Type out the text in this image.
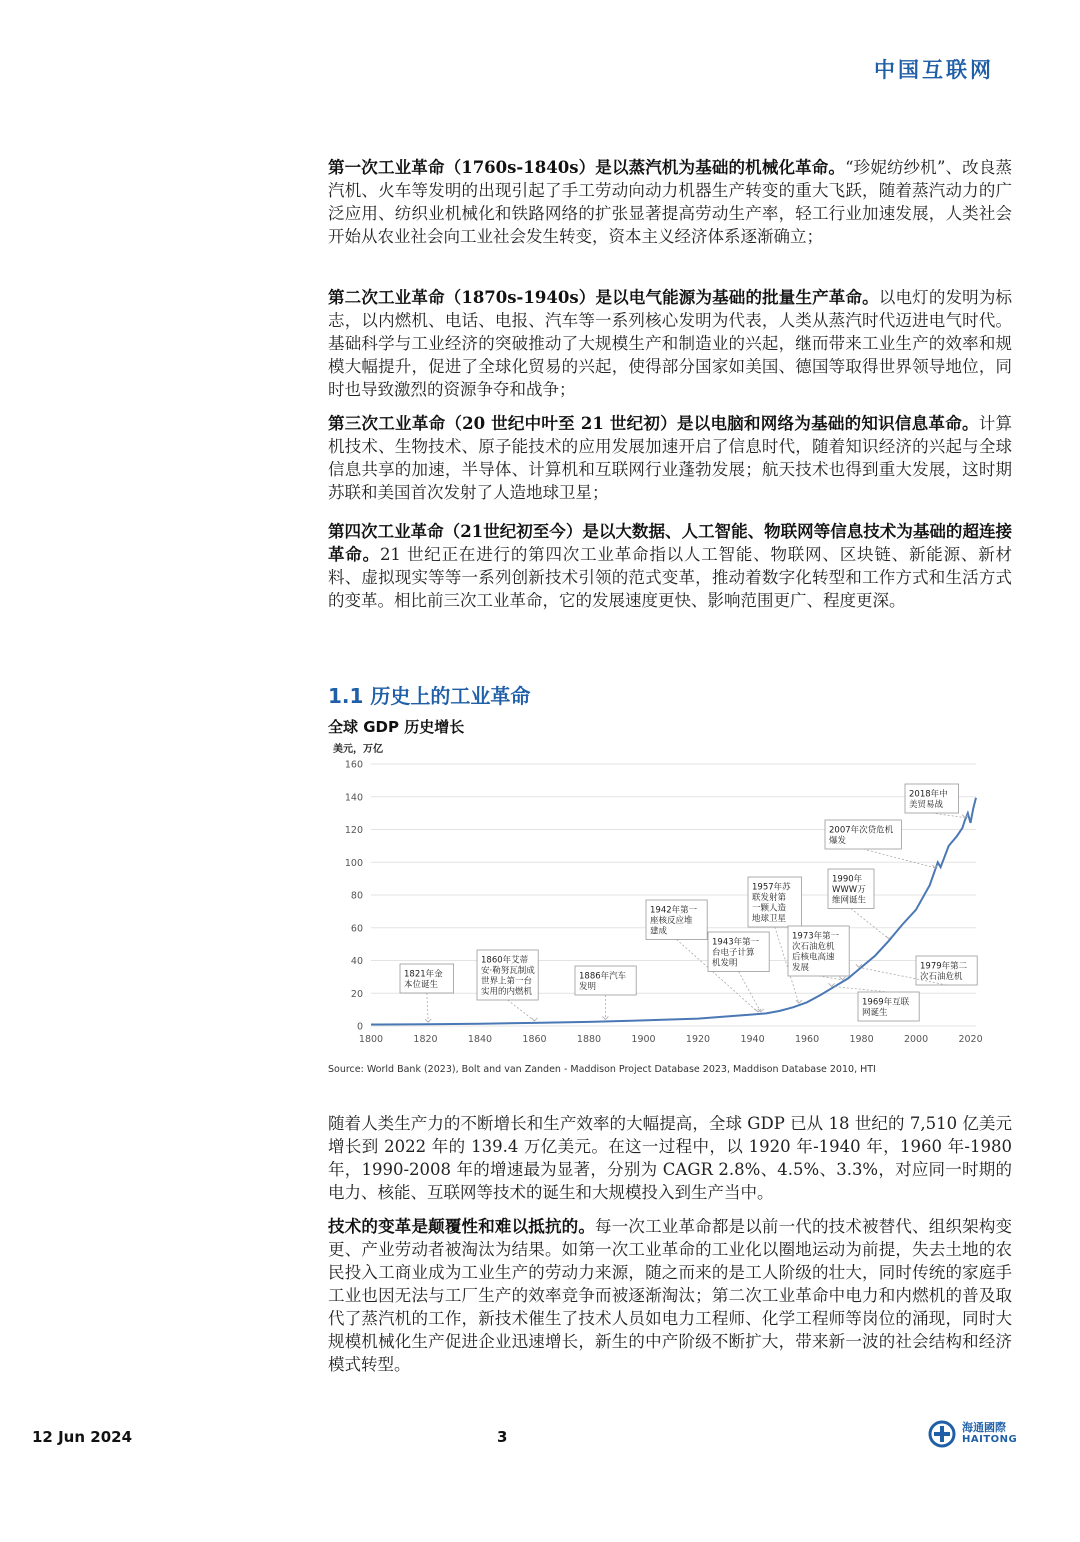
中国互联网
第一次工业革命（1760s-1840s）是以蒸汽机为基础的机械化革命。“珍妮纺纱机”、改良蒸汽机、火车等发明的出现引起了手工劳动向动力机器生产转变的重大飞跃，随着蒸汽动力的广泛应用、纺织业机械化和铁路网络的扩张显著提高劳动生产率，轻工行业加速发展，人类社会开始从农业社会向工业社会发生转变，资本主义经济体系逐渐确立；
第二次工业革命（1870s-1940s）是以电气能源为基础的批量生产革命。以电灯的发明为标志，以内燃机、电话、电报、汽车等一系列核心发明为代表，人类从蒸汽时代迈进电气时代。基础科学与工业经济的突破推动了大规模生产和制造业的兴起，继而带来工业生产的效率和规模大幅提升，促进了全球化贸易的兴起，使得部分国家如美国、德国等取得世界领导地位，同时也导致激烈的资源争夺和战争；
第三次工业革命（20 世纪中叶至 21 世纪初）是以电脑和网络为基础的知识信息革命。计算机技术、生物技术、原子能技术的应用发展加速开启了信息时代，随着知识经济的兴起与全球信息共享的加速，半导体、计算机和互联网行业蓬勃发展；航天技术也得到重大发展，这时期苏联和美国首次发射了人造地球卫星；
第四次工业革命（21世纪初至今）是以大数据、人工智能、物联网等信息技术为基础的超连接革命。21 世纪正在进行的第四次工业革命指以人工智能、物联网、区块链、新能源、新材料、虚拟现实等等一系列创新技术引领的范式变革，推动着数字化转型和工作方式和生活方式的变革。相比前三次工业革命，它的发展速度更快、影响范围更广、程度更深。
1.1 历史上的工业革命
全球 GDP 历史增长
美元，万亿
0
20
40
60
80
100
120
140
160
1800	1820	1840	1860	1880	1900	1920	1940	1960	1980	2000	2020
1821年金
本位诞生
1860年艾蒂
安·勒努瓦制成
世界上第一台
实用的内燃机
1886年汽车
发明
1942年第一
座核反应堆
建成
1943年第一
台电子计算
机发明
1957年苏
联发射第
一颗人造
地球卫星
1973年第一
次石油危机
后核电高速
发展
1969年互联
网诞生
1990年
WWW万
维网诞生
1979年第二
次石油危机
2007年次贷危机
爆发
2018年中
美贸易战
Source: World Bank (2023), Bolt and van Zanden - Maddison Project Database 2023, Maddison Database 2010, HTI
随着人类生产力的不断增长和生产效率的大幅提高，全球 GDP 已从 18 世纪的 7,510 亿美元增长到 2022 年的 139.4 万亿美元。在这一过程中，以 1920 年-1940 年，1960 年-1980 年，1990-2008 年的增速最为显著，分别为 CAGR 2.8%、4.5%、3.3%，对应同一时期的电力、核能、互联网等技术的诞生和大规模投入到生产当中。
技术的变革是颠覆性和难以抵抗的。每一次工业革命都是以前一代的技术被替代、组织架构变更、产业劳动者被淘汰为结果。如第一次工业革命的工业化以圈地运动为前提，失去土地的农民投入工商业成为工业生产的劳动力来源，随之而来的是工人阶级的壮大，同时传统的家庭手工业也因无法与工厂生产的效率竞争而被逐渐淘汰；第二次工业革命中电力和内燃机的普及取代了蒸汽机的工作，新技术催生了技术人员如电力工程师、化学工程师等岗位的涌现，同时大规模机械化生产促进企业迅速增长，新生的中产阶级不断扩大，带来新一波的社会结构和经济模式转型。
12 Jun 2024	3
海通國際
HAITONG
